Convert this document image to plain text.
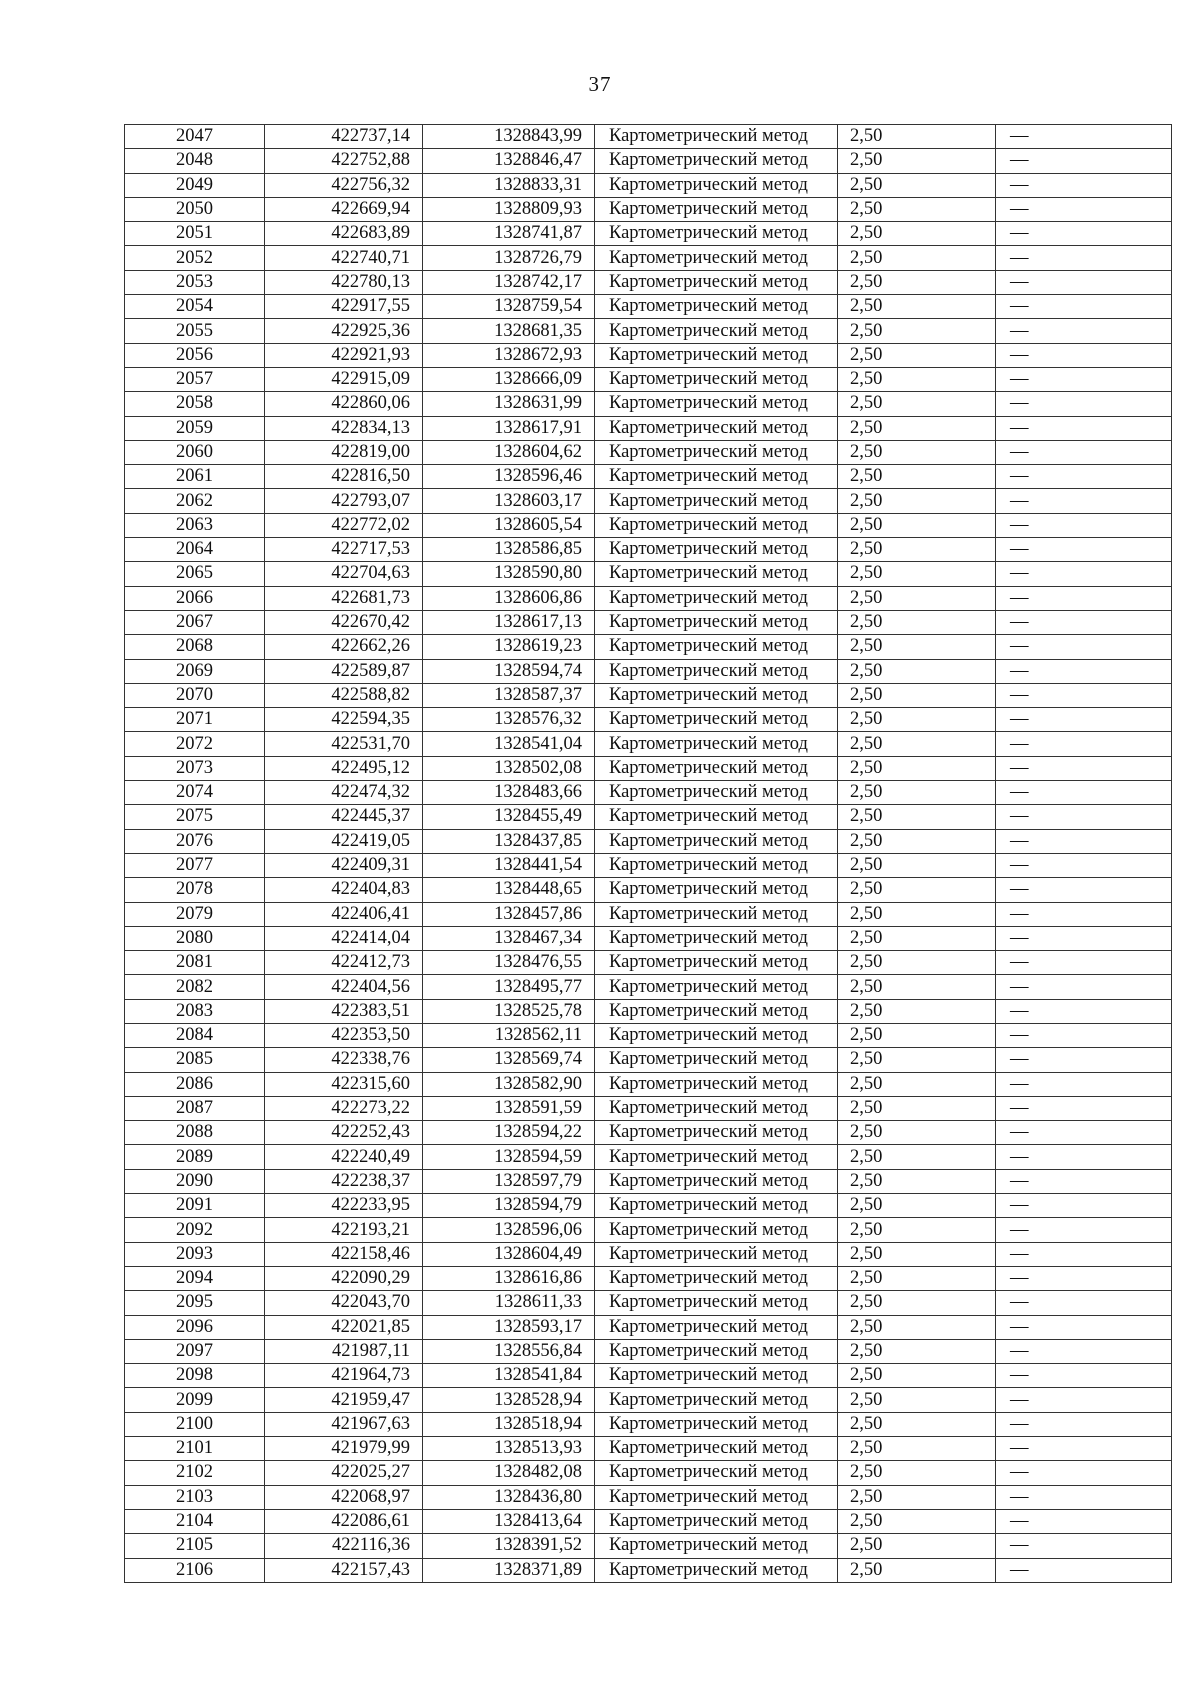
37
2047	422737,14	1328843,99	Картометрический метод	2,50	—
2048	422752,88	1328846,47	Картометрический метод	2,50	—
2049	422756,32	1328833,31	Картометрический метод	2,50	—
2050	422669,94	1328809,93	Картометрический метод	2,50	—
2051	422683,89	1328741,87	Картометрический метод	2,50	—
2052	422740,71	1328726,79	Картометрический метод	2,50	—
2053	422780,13	1328742,17	Картометрический метод	2,50	—
2054	422917,55	1328759,54	Картометрический метод	2,50	—
2055	422925,36	1328681,35	Картометрический метод	2,50	—
2056	422921,93	1328672,93	Картометрический метод	2,50	—
2057	422915,09	1328666,09	Картометрический метод	2,50	—
2058	422860,06	1328631,99	Картометрический метод	2,50	—
2059	422834,13	1328617,91	Картометрический метод	2,50	—
2060	422819,00	1328604,62	Картометрический метод	2,50	—
2061	422816,50	1328596,46	Картометрический метод	2,50	—
2062	422793,07	1328603,17	Картометрический метод	2,50	—
2063	422772,02	1328605,54	Картометрический метод	2,50	—
2064	422717,53	1328586,85	Картометрический метод	2,50	—
2065	422704,63	1328590,80	Картометрический метод	2,50	—
2066	422681,73	1328606,86	Картометрический метод	2,50	—
2067	422670,42	1328617,13	Картометрический метод	2,50	—
2068	422662,26	1328619,23	Картометрический метод	2,50	—
2069	422589,87	1328594,74	Картометрический метод	2,50	—
2070	422588,82	1328587,37	Картометрический метод	2,50	—
2071	422594,35	1328576,32	Картометрический метод	2,50	—
2072	422531,70	1328541,04	Картометрический метод	2,50	—
2073	422495,12	1328502,08	Картометрический метод	2,50	—
2074	422474,32	1328483,66	Картометрический метод	2,50	—
2075	422445,37	1328455,49	Картометрический метод	2,50	—
2076	422419,05	1328437,85	Картометрический метод	2,50	—
2077	422409,31	1328441,54	Картометрический метод	2,50	—
2078	422404,83	1328448,65	Картометрический метод	2,50	—
2079	422406,41	1328457,86	Картометрический метод	2,50	—
2080	422414,04	1328467,34	Картометрический метод	2,50	—
2081	422412,73	1328476,55	Картометрический метод	2,50	—
2082	422404,56	1328495,77	Картометрический метод	2,50	—
2083	422383,51	1328525,78	Картометрический метод	2,50	—
2084	422353,50	1328562,11	Картометрический метод	2,50	—
2085	422338,76	1328569,74	Картометрический метод	2,50	—
2086	422315,60	1328582,90	Картометрический метод	2,50	—
2087	422273,22	1328591,59	Картометрический метод	2,50	—
2088	422252,43	1328594,22	Картометрический метод	2,50	—
2089	422240,49	1328594,59	Картометрический метод	2,50	—
2090	422238,37	1328597,79	Картометрический метод	2,50	—
2091	422233,95	1328594,79	Картометрический метод	2,50	—
2092	422193,21	1328596,06	Картометрический метод	2,50	—
2093	422158,46	1328604,49	Картометрический метод	2,50	—
2094	422090,29	1328616,86	Картометрический метод	2,50	—
2095	422043,70	1328611,33	Картометрический метод	2,50	—
2096	422021,85	1328593,17	Картометрический метод	2,50	—
2097	421987,11	1328556,84	Картометрический метод	2,50	—
2098	421964,73	1328541,84	Картометрический метод	2,50	—
2099	421959,47	1328528,94	Картометрический метод	2,50	—
2100	421967,63	1328518,94	Картометрический метод	2,50	—
2101	421979,99	1328513,93	Картометрический метод	2,50	—
2102	422025,27	1328482,08	Картометрический метод	2,50	—
2103	422068,97	1328436,80	Картометрический метод	2,50	—
2104	422086,61	1328413,64	Картометрический метод	2,50	—
2105	422116,36	1328391,52	Картометрический метод	2,50	—
2106	422157,43	1328371,89	Картометрический метод	2,50	—
